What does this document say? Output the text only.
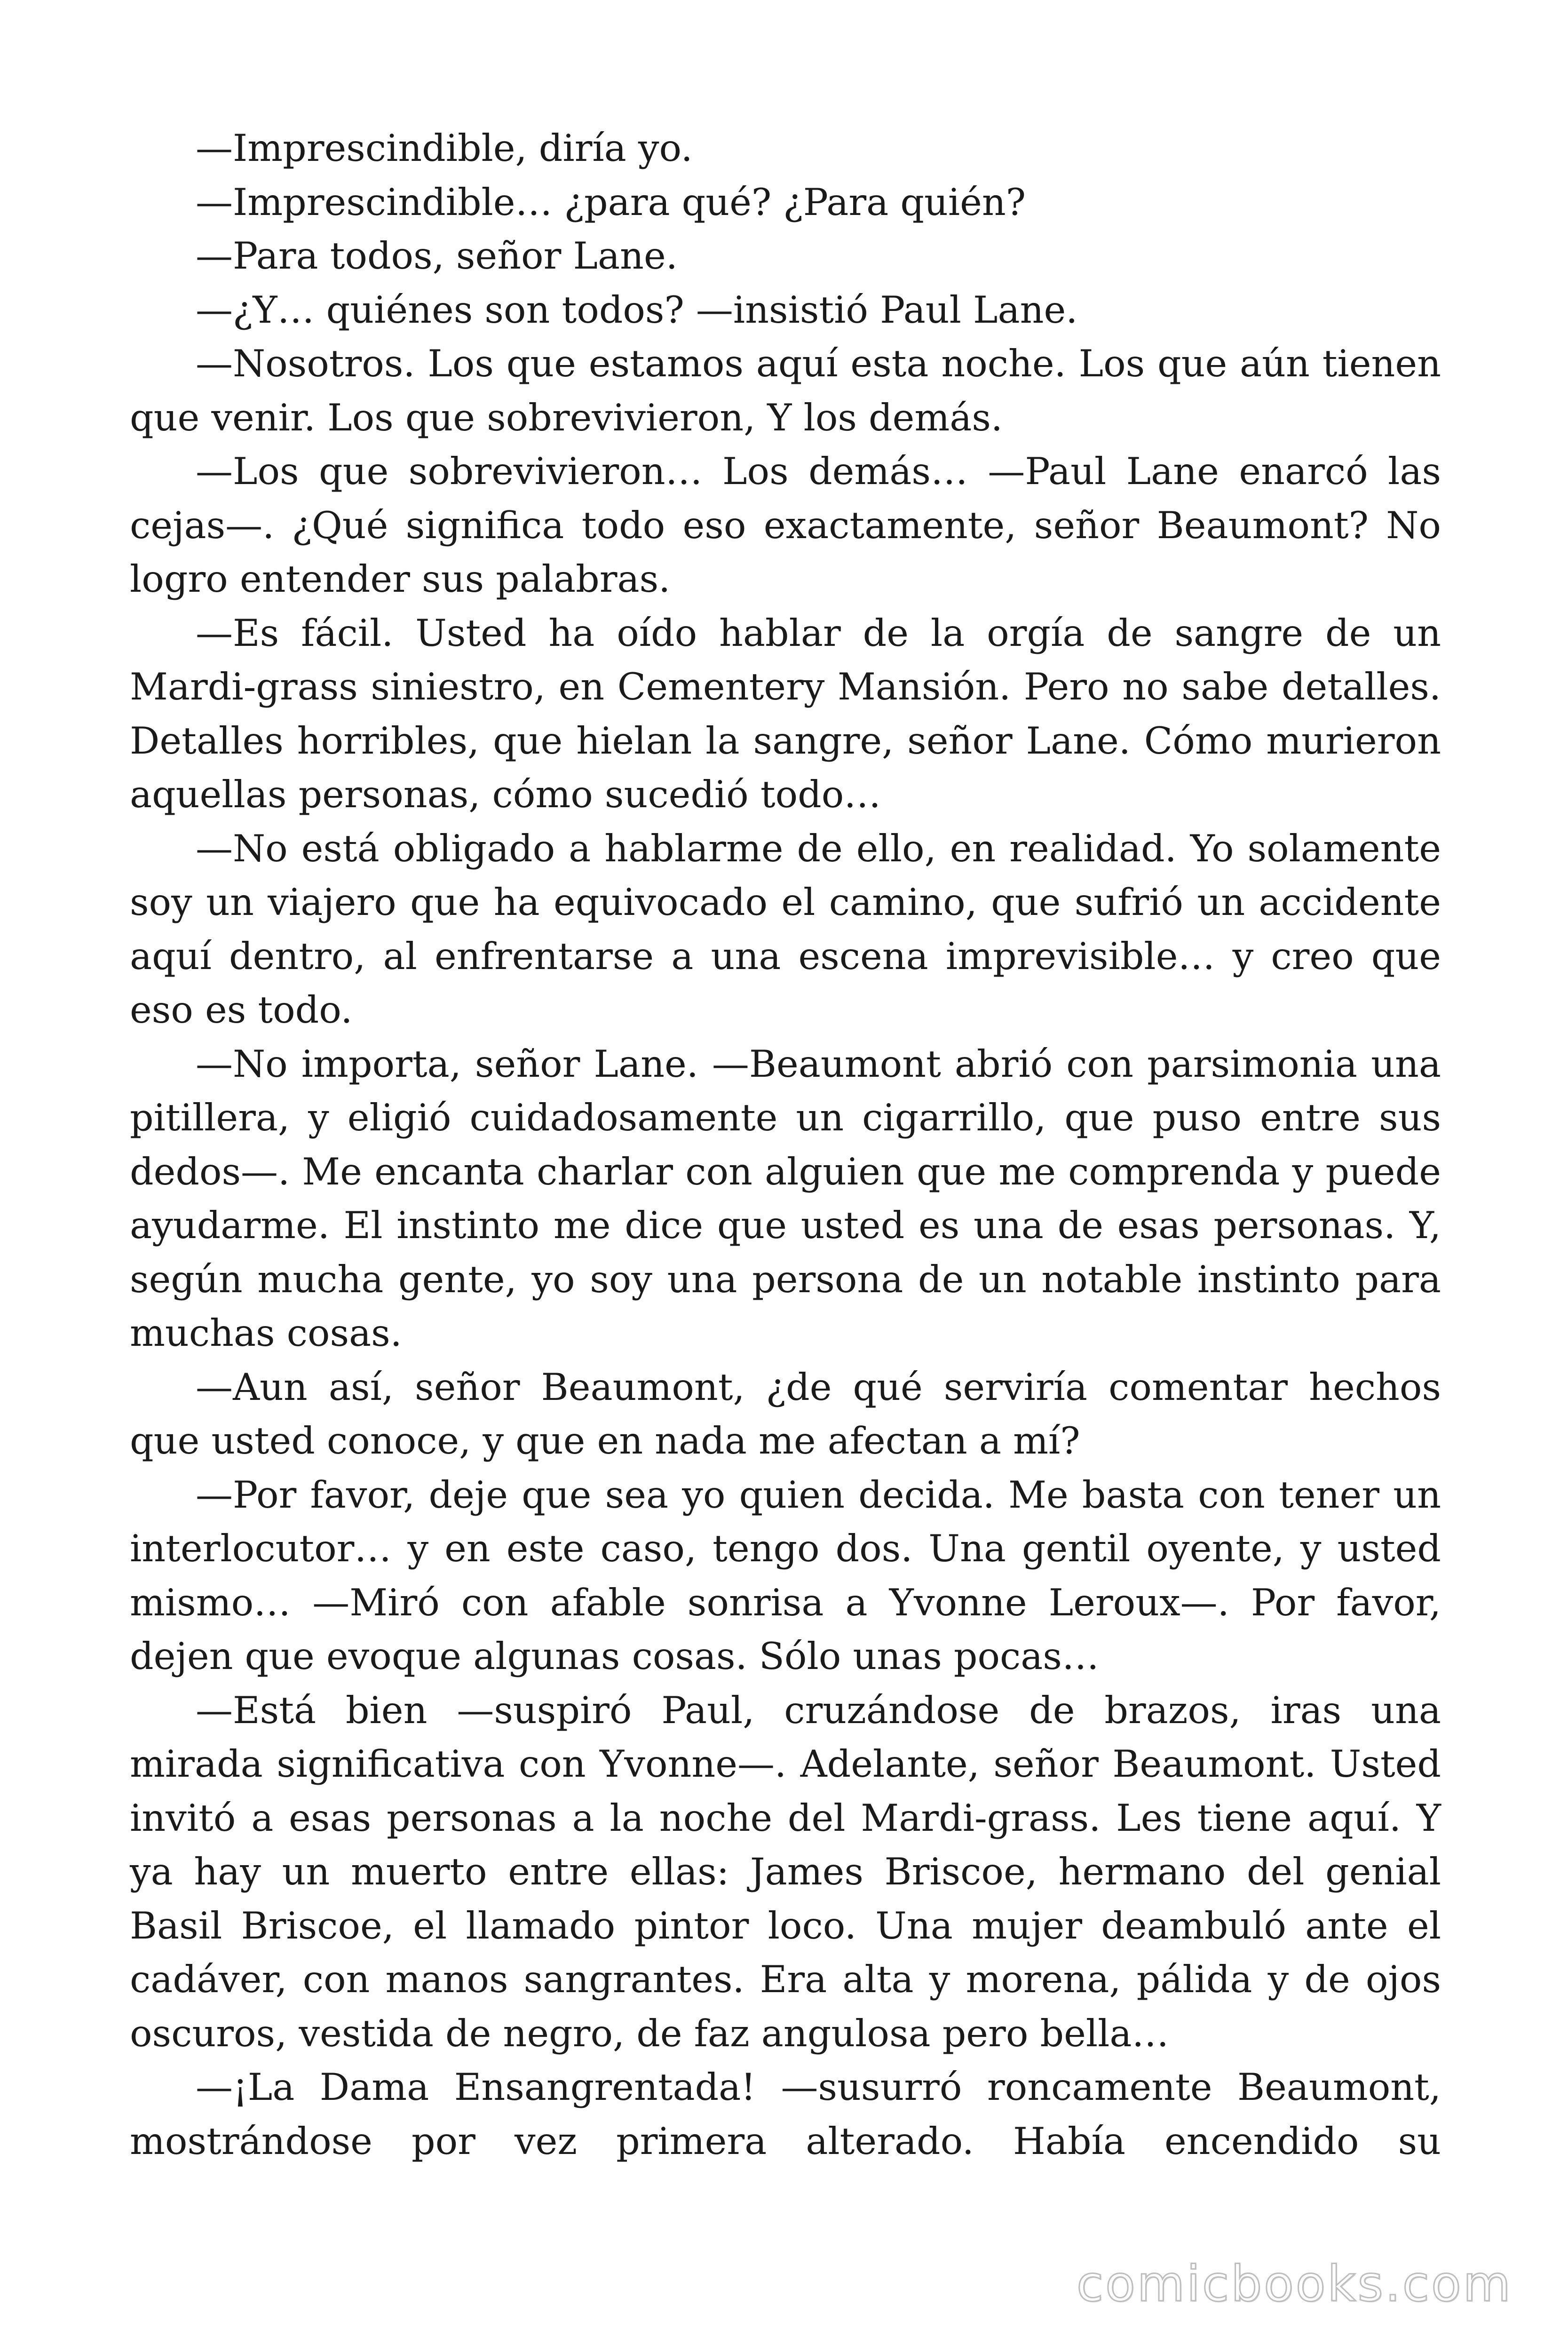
—Imprescindible, diría yo.

—Imprescindible… ¿para qué? ¿Para quién?

—Para todos, señor Lane.

—¿Y… quiénes son todos? —insistió Paul Lane.

—Nosotros. Los que estamos aquí esta noche. Los que aún tienen que venir. Los que sobrevivieron, Y los demás.

—Los que sobrevivieron… Los demás… —Paul Lane enarcó las cejas—. ¿Qué significa todo eso exactamente, señor Beaumont? No logro entender sus palabras.

—Es fácil. Usted ha oído hablar de la orgía de sangre de un Mardi-grass siniestro, en Cementery Mansión. Pero no sabe detalles. Detalles horribles, que hielan la sangre, señor Lane. Cómo murieron aquellas personas, cómo sucedió todo…

—No está obligado a hablarme de ello, en realidad. Yo solamente soy un viajero que ha equivocado el camino, que sufrió un accidente aquí dentro, al enfrentarse a una escena imprevisible… y creo que eso es todo.

—No importa, señor Lane. —Beaumont abrió con parsimonia una pitillera, y eligió cuidadosamente un cigarrillo, que puso entre sus dedos—. Me encanta charlar con alguien que me comprenda y puede ayudarme. El instinto me dice que usted es una de esas personas. Y, según mucha gente, yo soy una persona de un notable instinto para muchas cosas.

—Aun así, señor Beaumont, ¿de qué serviría comentar hechos que usted conoce, y que en nada me afectan a mí?

—Por favor, deje que sea yo quien decida. Me basta con tener un interlocutor… y en este caso, tengo dos. Una gentil oyente, y usted mismo… —Miró con afable sonrisa a Yvonne Leroux—. Por favor, dejen que evoque algunas cosas. Sólo unas pocas…

—Está bien —suspiró Paul, cruzándose de brazos, iras una mirada significativa con Yvonne—. Adelante, señor Beaumont. Usted invitó a esas personas a la noche del Mardi-grass. Les tiene aquí. Y ya hay un muerto entre ellas: James Briscoe, hermano del genial Basil Briscoe, el llamado pintor loco. Una mujer deambuló ante el cadáver, con manos sangrantes. Era alta y morena, pálida y de ojos oscuros, vestida de negro, de faz angulosa pero bella…

—¡La Dama Ensangrentada! —susurró roncamente Beaumont, mostrándose por vez primera alterado. Había encendido su

comicbooks.com
